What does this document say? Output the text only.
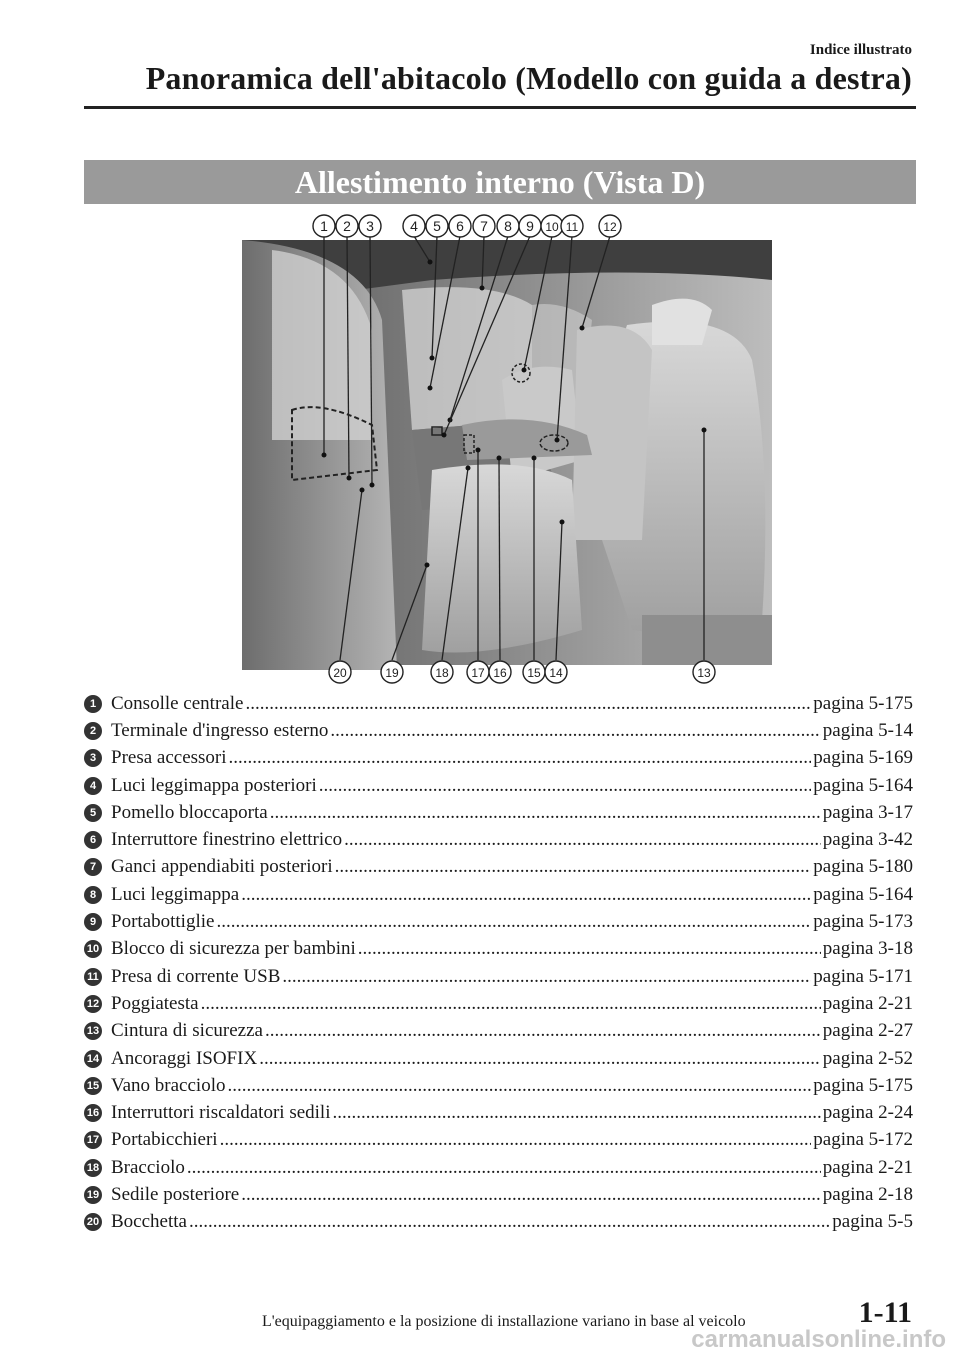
Indice illustrato
Panoramica dell'abitacolo (Modello con guida a destra)
Allestimento interno (Vista D)
1 2 3	4 5 6 7 8 9 10 11 12
20	19	18 17 16 15 14	13
1 Consolle centrale .....	pagina 5-175
2 Terminale d'ingresso esterno .....	pagina 5-14
3 Presa accessori .....	pagina 5-169
4 Luci leggimappa posteriori .....	pagina 5-164
5 Pomello bloccaporta .....	pagina 3-17
6 Interruttore finestrino elettrico .....	pagina 3-42
7 Ganci appendiabiti posteriori .....	pagina 5-180
8 Luci leggimappa .....	pagina 5-164
9 Portabottiglie .....	pagina 5-173
10 Blocco di sicurezza per bambini .....	pagina 3-18
11 Presa di corrente USB .....	pagina 5-171
12 Poggiatesta .....	pagina 2-21
13 Cintura di sicurezza .....	pagina 2-27
14 Ancoraggi ISOFIX .....	pagina 2-52
15 Vano bracciolo .....	pagina 5-175
16 Interruttori riscaldatori sedili .....	pagina 2-24
17 Portabicchieri .....	pagina 5-172
18 Bracciolo .....	pagina 2-21
19 Sedile posteriore .....	pagina 2-18
20 Bocchetta .....	pagina 5-5
L'equipaggiamento e la posizione di installazione variano in base al veicolo	1-11
carmanualsonline.info
